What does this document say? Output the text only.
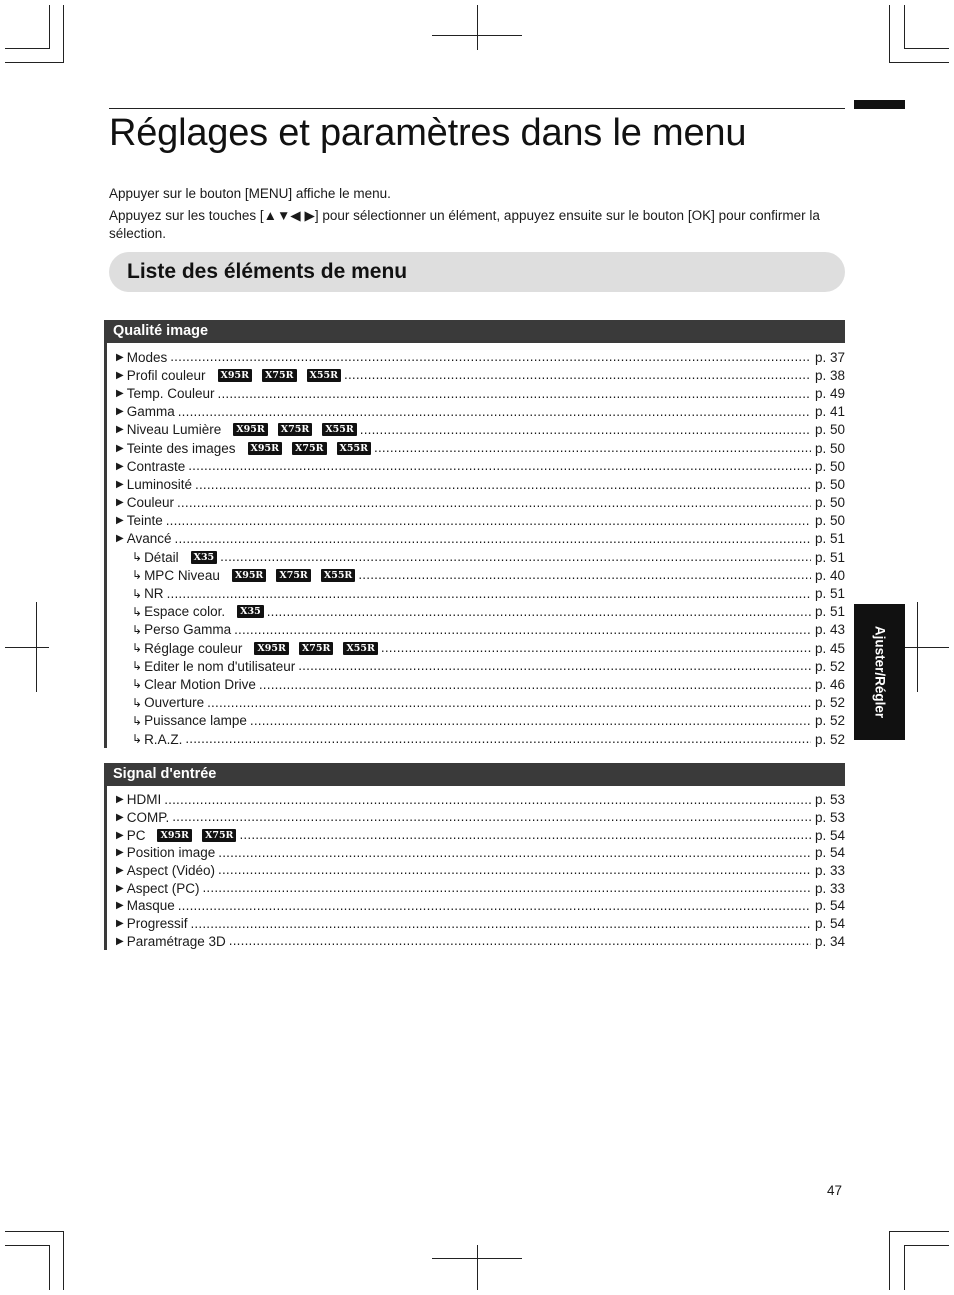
Ajuster/Régler
Réglages et paramètres dans le menu

Appuyer sur le bouton [MENU] affiche le menu.

Appuyez sur les touches [▲▼◀ ▶] pour sélectionner un élément, appuyez ensuite sur le bouton [OK] pour confirmer la sélection.

Liste des éléments de menu
Qualité image
▶ Modes .....	p. 37
▶ Profil couleur	X95R	X75R	X55R .....	p. 38
▶ Temp. Couleur .....	p. 49
▶ Gamma .....	p. 41
▶ Niveau Lumière	X95R	X75R	X55R .....	p. 50
▶ Teinte des images	X95R	X75R	X55R .....	p. 50
▶ Contraste .....	p. 50
▶ Luminosité .....	p. 50
▶ Couleur .....	p. 50
▶ Teinte .....	p. 50
▶ Avancé .....	p. 51
↳ Détail	X35 .....	p. 51
↳ MPC Niveau	X95R	X75R	X55R .....	p. 40
↳ NR .....	p. 51
↳ Espace color.	X35 .....	p. 51
↳ Perso Gamma .....	p. 43
↳ Réglage couleur	X95R	X75R	X55R .....	p. 45
↳ Editer le nom d'utilisateur .....	p. 52
↳ Clear Motion Drive .....	p. 46
↳ Ouverture .....	p. 52
↳ Puissance lampe .....	p. 52
↳ R.A.Z. .....	p. 52
Signal d'entrée
▶ HDMI .....	p. 53
▶ COMP. .....	p. 53
▶ PC	X95R	X75R .....	p. 54
▶ Position image .....	p. 54
▶ Aspect (Vidéo) .....	p. 33
▶ Aspect (PC) .....	p. 33
▶ Masque .....	p. 54
▶ Progressif .....	p. 54
▶ Paramétrage 3D .....	p. 34
47
